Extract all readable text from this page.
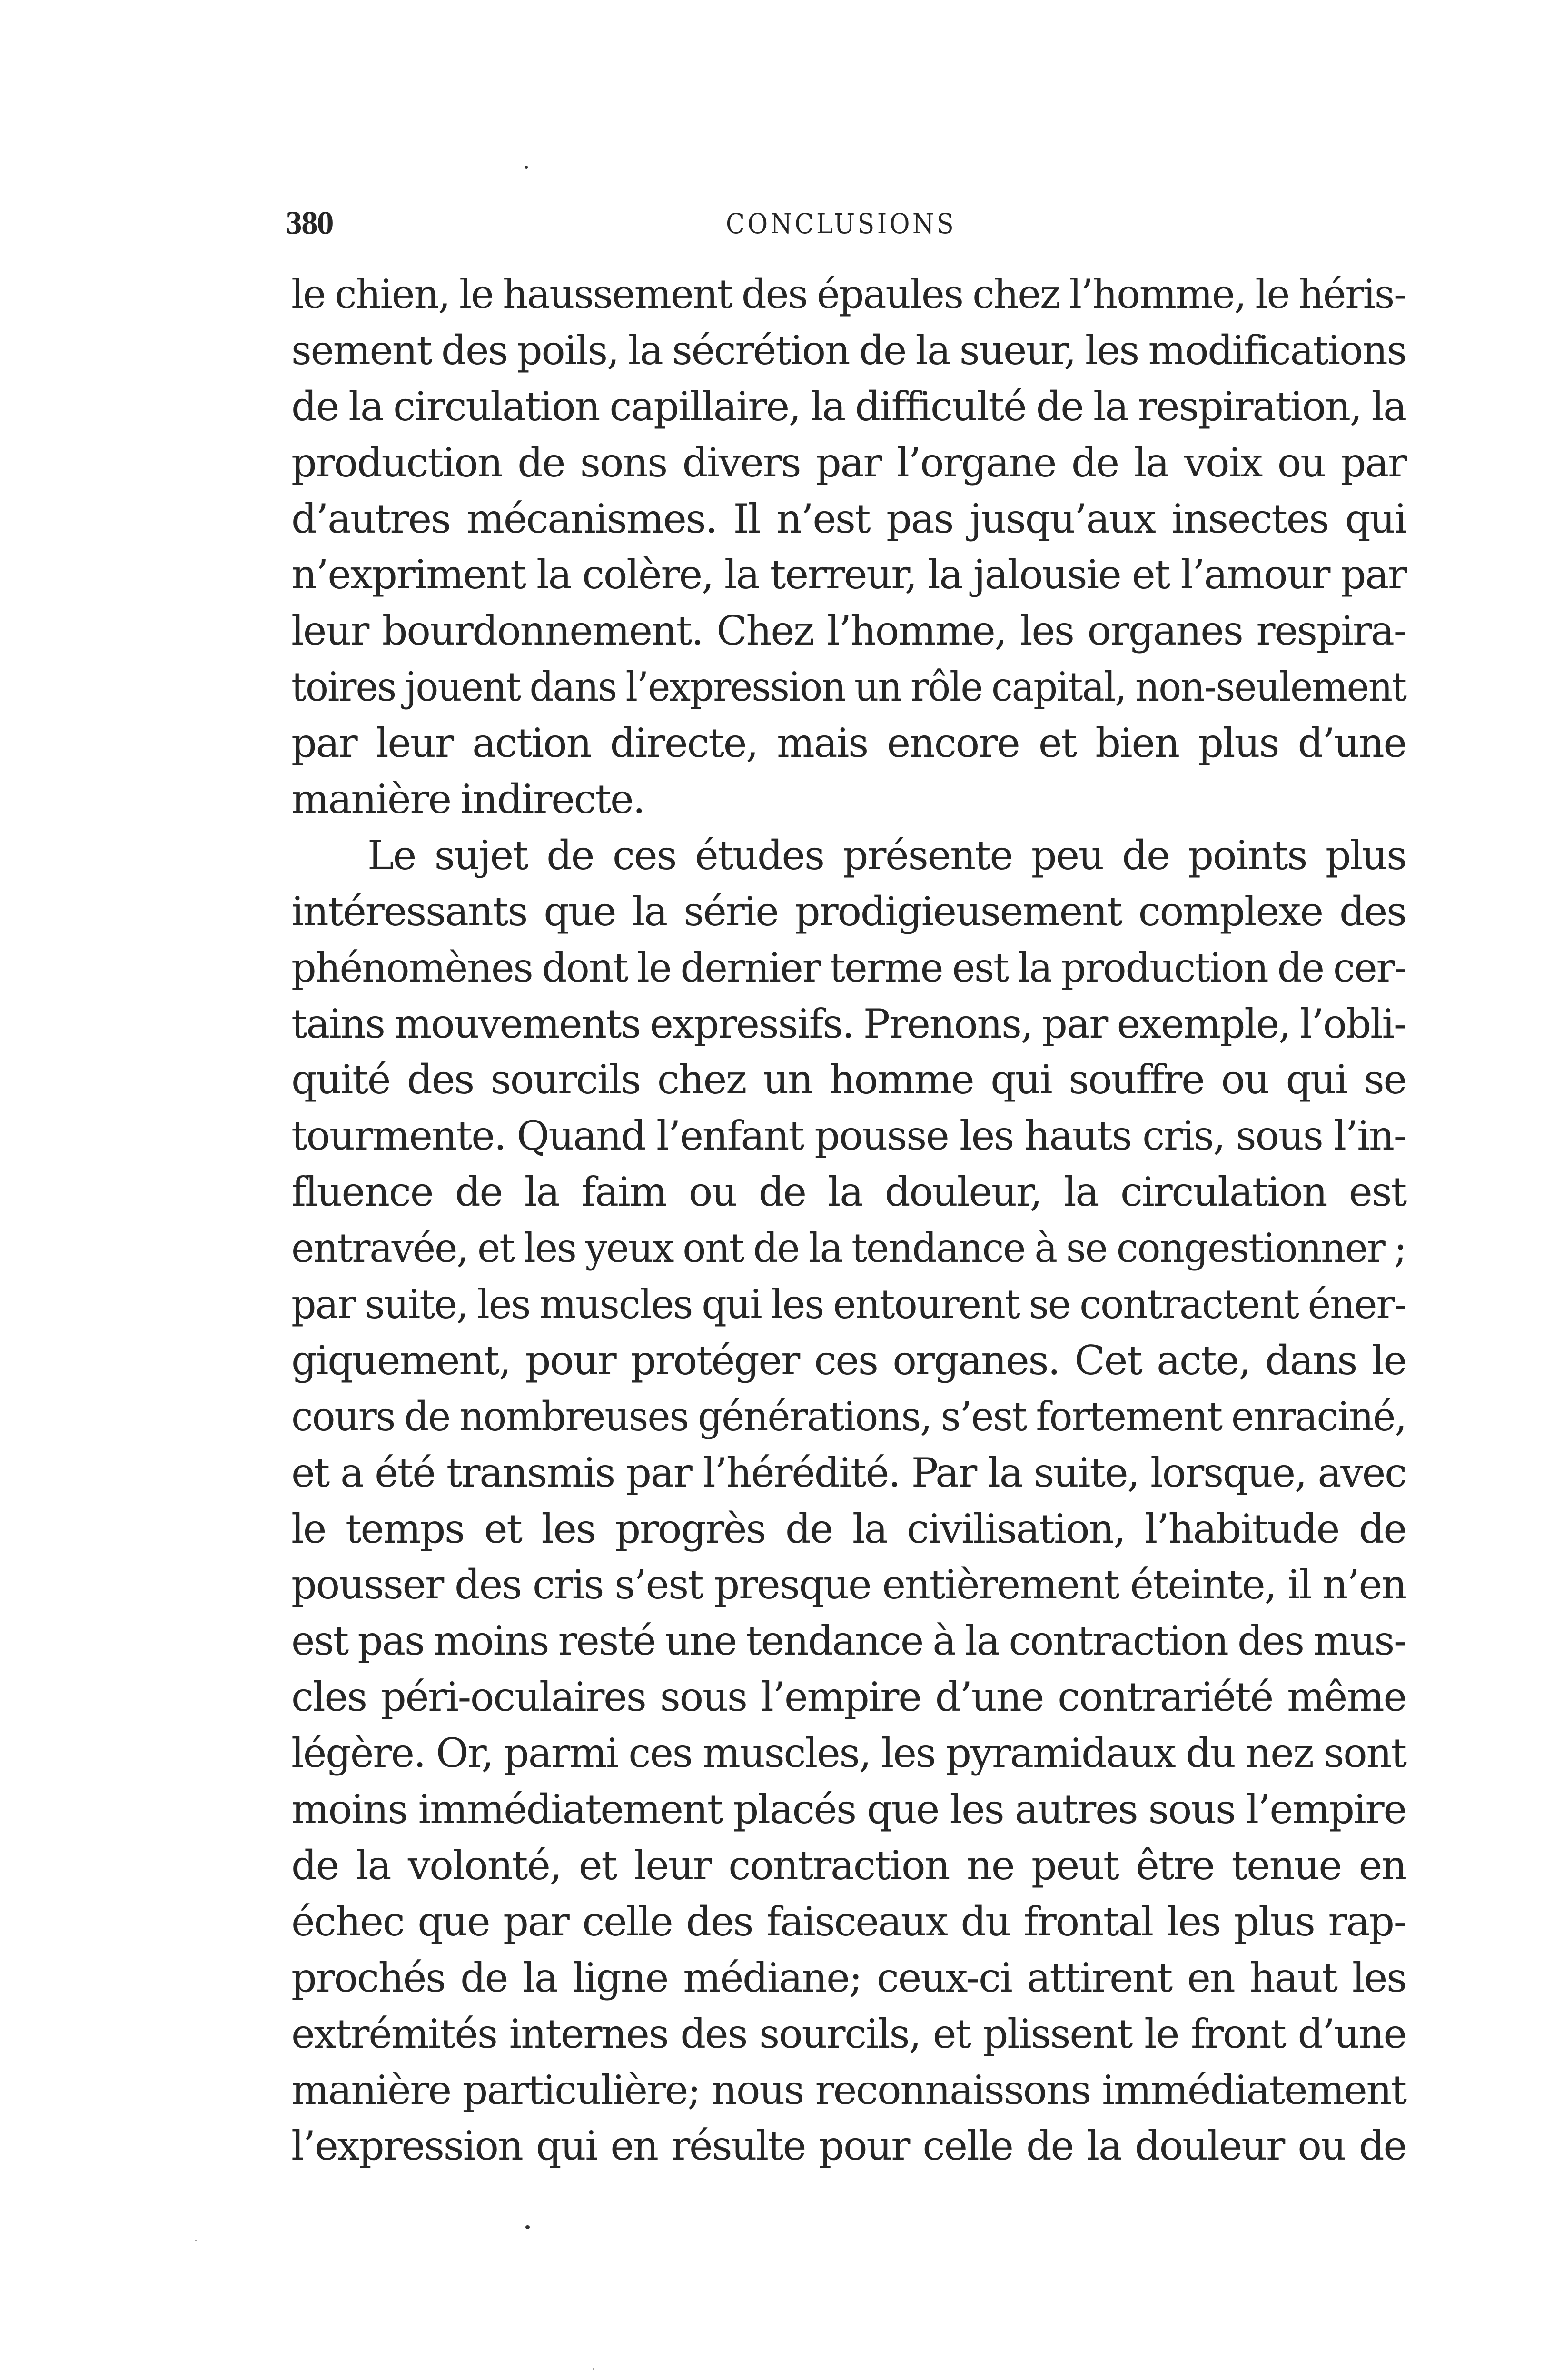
380	CONCLUSIONS
le chien, le haussement des épaules chez l’homme, le héris-
sement des poils, la sécrétion de la sueur, les modifications
de la circulation capillaire, la difficulté de la respiration, la
production de sons divers par l’organe de la voix ou par
d’autres mécanismes. Il n’est pas jusqu’aux insectes qui
n’expriment la colère, la terreur, la jalousie et l’amour par
leur bourdonnement. Chez l’homme, les organes respira-
toires jouent dans l’expression un rôle capital, non-seulement
par leur action directe, mais encore et bien plus d’une
manière indirecte.
Le sujet de ces études présente peu de points plus
intéressants que la série prodigieusement complexe des
phénomènes dont le dernier terme est la production de cer-
tains mouvements expressifs. Prenons, par exemple, l’obli-
quité des sourcils chez un homme qui souffre ou qui se
tourmente. Quand l’enfant pousse les hauts cris, sous l’in-
fluence de la faim ou de la douleur, la circulation est
entravée, et les yeux ont de la tendance à se congestionner ;
par suite, les muscles qui les entourent se contractent éner-
giquement, pour protéger ces organes. Cet acte, dans le
cours de nombreuses générations, s’est fortement enraciné,
et a été transmis par l’hérédité. Par la suite, lorsque, avec
le temps et les progrès de la civilisation, l’habitude de
pousser des cris s’est presque entièrement éteinte, il n’en
est pas moins resté une tendance à la contraction des mus-
cles péri-oculaires sous l’empire d’une contrariété même
légère. Or, parmi ces muscles, les pyramidaux du nez sont
moins immédiatement placés que les autres sous l’empire
de la volonté, et leur contraction ne peut être tenue en
échec que par celle des faisceaux du frontal les plus rap-
prochés de la ligne médiane; ceux-ci attirent en haut les
extrémités internes des sourcils, et plissent le front d’une
manière particulière; nous reconnaissons immédiatement
l’expression qui en résulte pour celle de la douleur ou de
